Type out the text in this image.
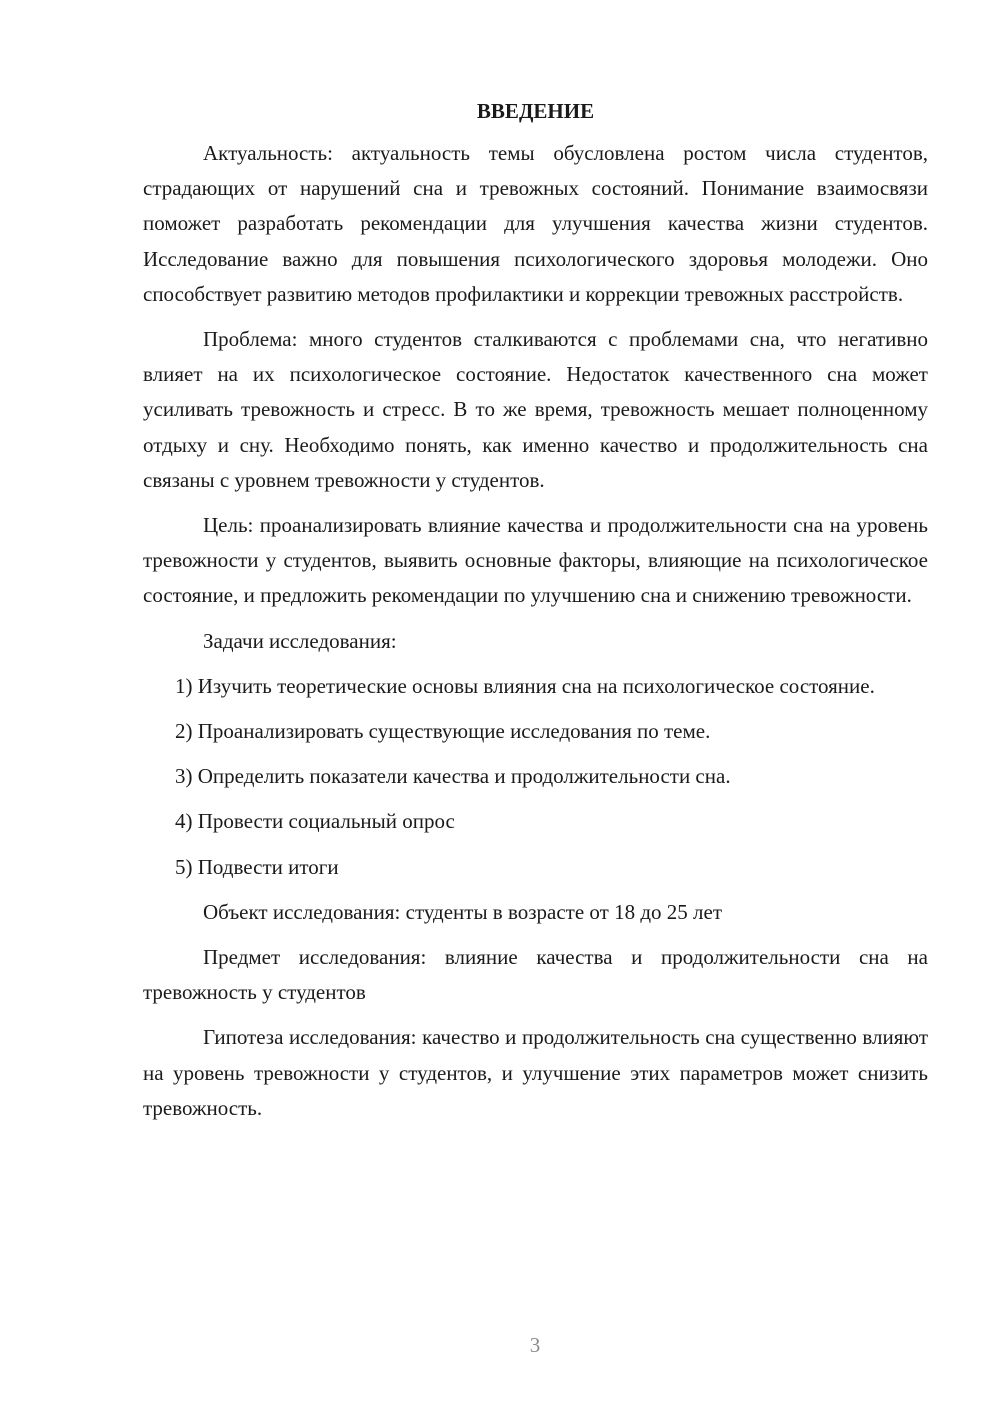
ВВЕДЕНИЕ

Актуальность: актуальность темы обусловлена ростом числа студентов, страдающих от нарушений сна и тревожных состояний. Понимание взаимосвязи поможет разработать рекомендации для улучшения качества жизни студентов. Исследование важно для повышения психологического здоровья молодежи. Оно способствует развитию методов профилактики и коррекции тревожных расстройств.

Проблема: много студентов сталкиваются с проблемами сна, что негативно влияет на их психологическое состояние. Недостаток качественного сна может усиливать тревожность и стресс. В то же время, тревожность мешает полноценному отдыху и сну. Необходимо понять, как именно качество и продолжительность сна связаны с уровнем тревожности у студентов.

Цель: проанализировать влияние качества и продолжительности сна на уровень тревожности у студентов, выявить основные факторы, влияющие на психологическое состояние, и предложить рекомендации по улучшению сна и снижению тревожности.

Задачи исследования:

1) Изучить теоретические основы влияния сна на психологическое состояние.

2) Проанализировать существующие исследования по теме.

3) Определить показатели качества и продолжительности сна.

4) Провести социальный опрос

5) Подвести итоги

Объект исследования: студенты в возрасте от 18 до 25 лет

Предмет исследования: влияние качества и продолжительности сна на тревожность у студентов

Гипотеза исследования: качество и продолжительность сна существенно влияют на уровень тревожности у студентов, и улучшение этих параметров может снизить тревожность.

3
